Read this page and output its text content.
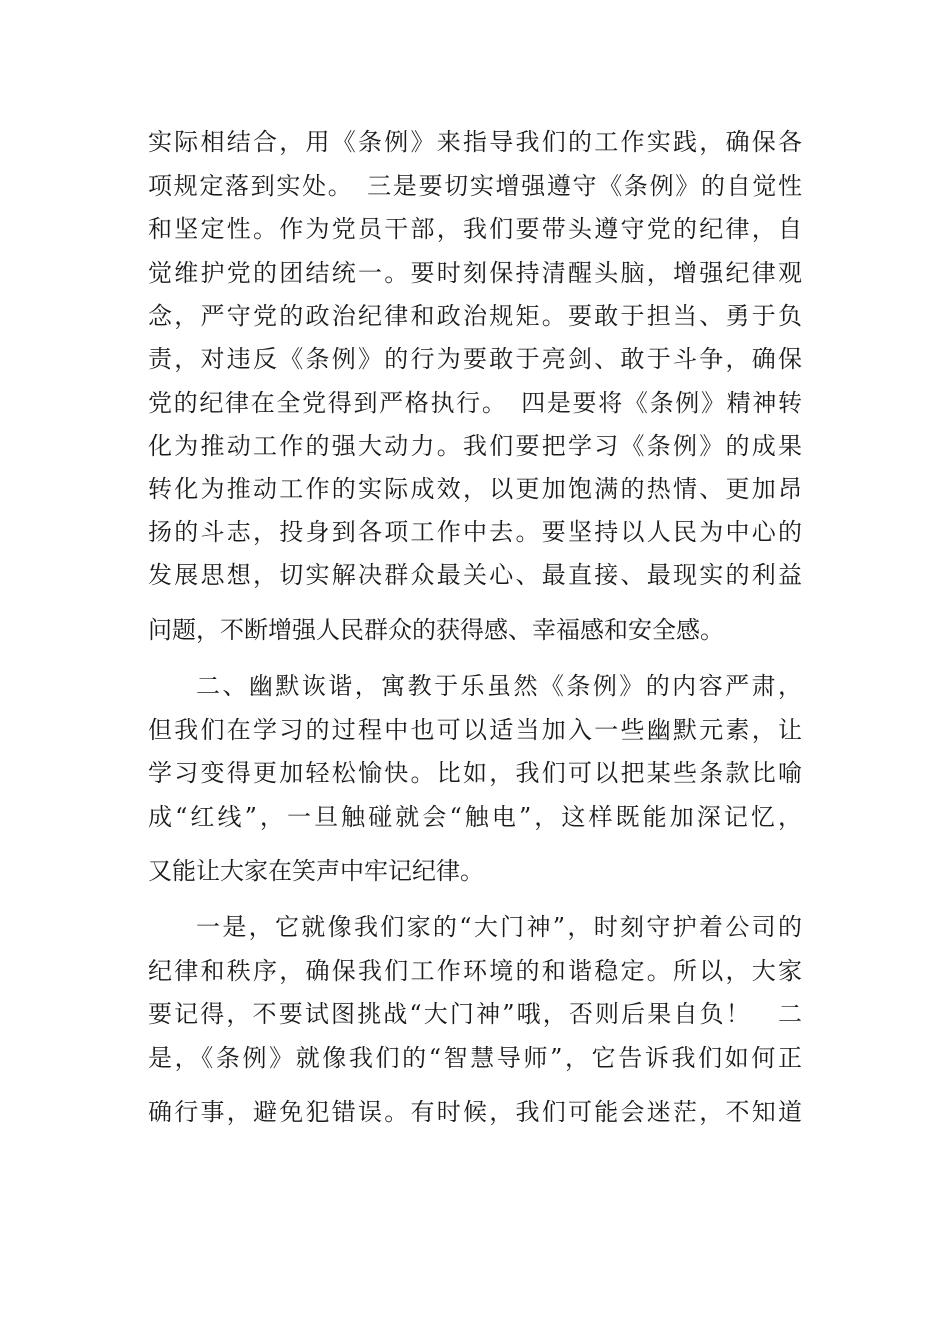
实际相结合，用《条例》来指导我们的工作实践，确保各
项规定落到实处。　三是要切实增强遵守《条例》的自觉性
和坚定性。作为党员干部，我们要带头遵守党的纪律，自
觉维护党的团结统一。要时刻保持清醒头脑，增强纪律观
念，严守党的政治纪律和政治规矩。要敢于担当、勇于负
责，对违反《条例》的行为要敢于亮剑、敢于斗争，确保
党的纪律在全党得到严格执行。　四是要将《条例》精神转
化为推动工作的强大动力。我们要把学习《条例》的成果
转化为推动工作的实际成效，以更加饱满的热情、更加昂
扬的斗志，投身到各项工作中去。要坚持以人民为中心的
发展思想，切实解决群众最关心、最直接、最现实的利益
问题，不断增强人民群众的获得感、幸福感和安全感。
二、幽默诙谐，寓教于乐虽然《条例》的内容严肃，
但我们在学习的过程中也可以适当加入一些幽默元素，让
学习变得更加轻松愉快。比如，我们可以把某些条款比喻
成“红线”，一旦触碰就会“触电”，这样既能加深记忆，
又能让大家在笑声中牢记纪律。
一是，它就像我们家的“大门神”，时刻守护着公司的
纪律和秩序，确保我们工作环境的和谐稳定。所以，大家
要记得，不要试图挑战“大门神”哦，否则后果自负！　二
是，《条例》就像我们的“智慧导师”，它告诉我们如何正
确行事，避免犯错误。有时候，我们可能会迷茫，不知道
